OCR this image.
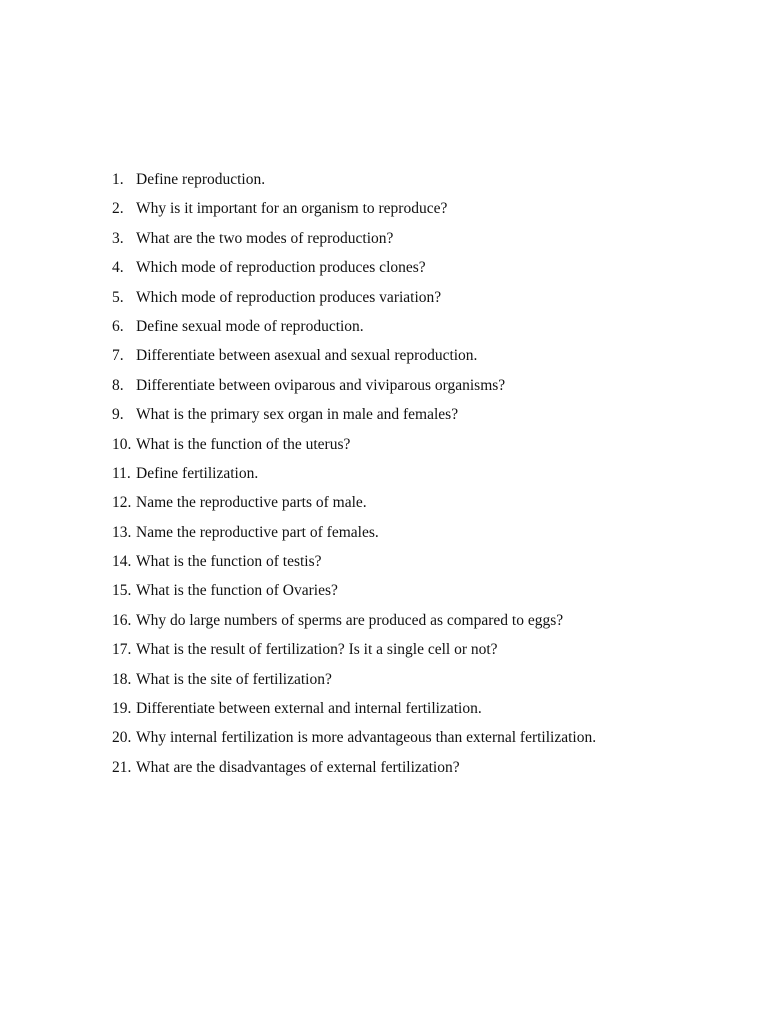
1. Define reproduction.
2. Why is it important for an organism to reproduce?
3. What are the two modes of reproduction?
4. Which mode of reproduction produces clones?
5. Which mode of reproduction produces variation?
6. Define sexual mode of reproduction.
7. Differentiate between asexual and sexual reproduction.
8. Differentiate between oviparous and viviparous organisms?
9. What is the primary sex organ in male and females?
10. What is the function of the uterus?
11. Define fertilization.
12. Name the reproductive parts of male.
13. Name the reproductive part of females.
14. What is the function of testis?
15. What is the function of Ovaries?
16. Why do large numbers of sperms are produced as compared to eggs?
17. What is the result of fertilization? Is it a single cell or not?
18. What is the site of fertilization?
19. Differentiate between external and internal fertilization.
20. Why internal fertilization is more advantageous than external fertilization.
21. What are the disadvantages of external fertilization?
